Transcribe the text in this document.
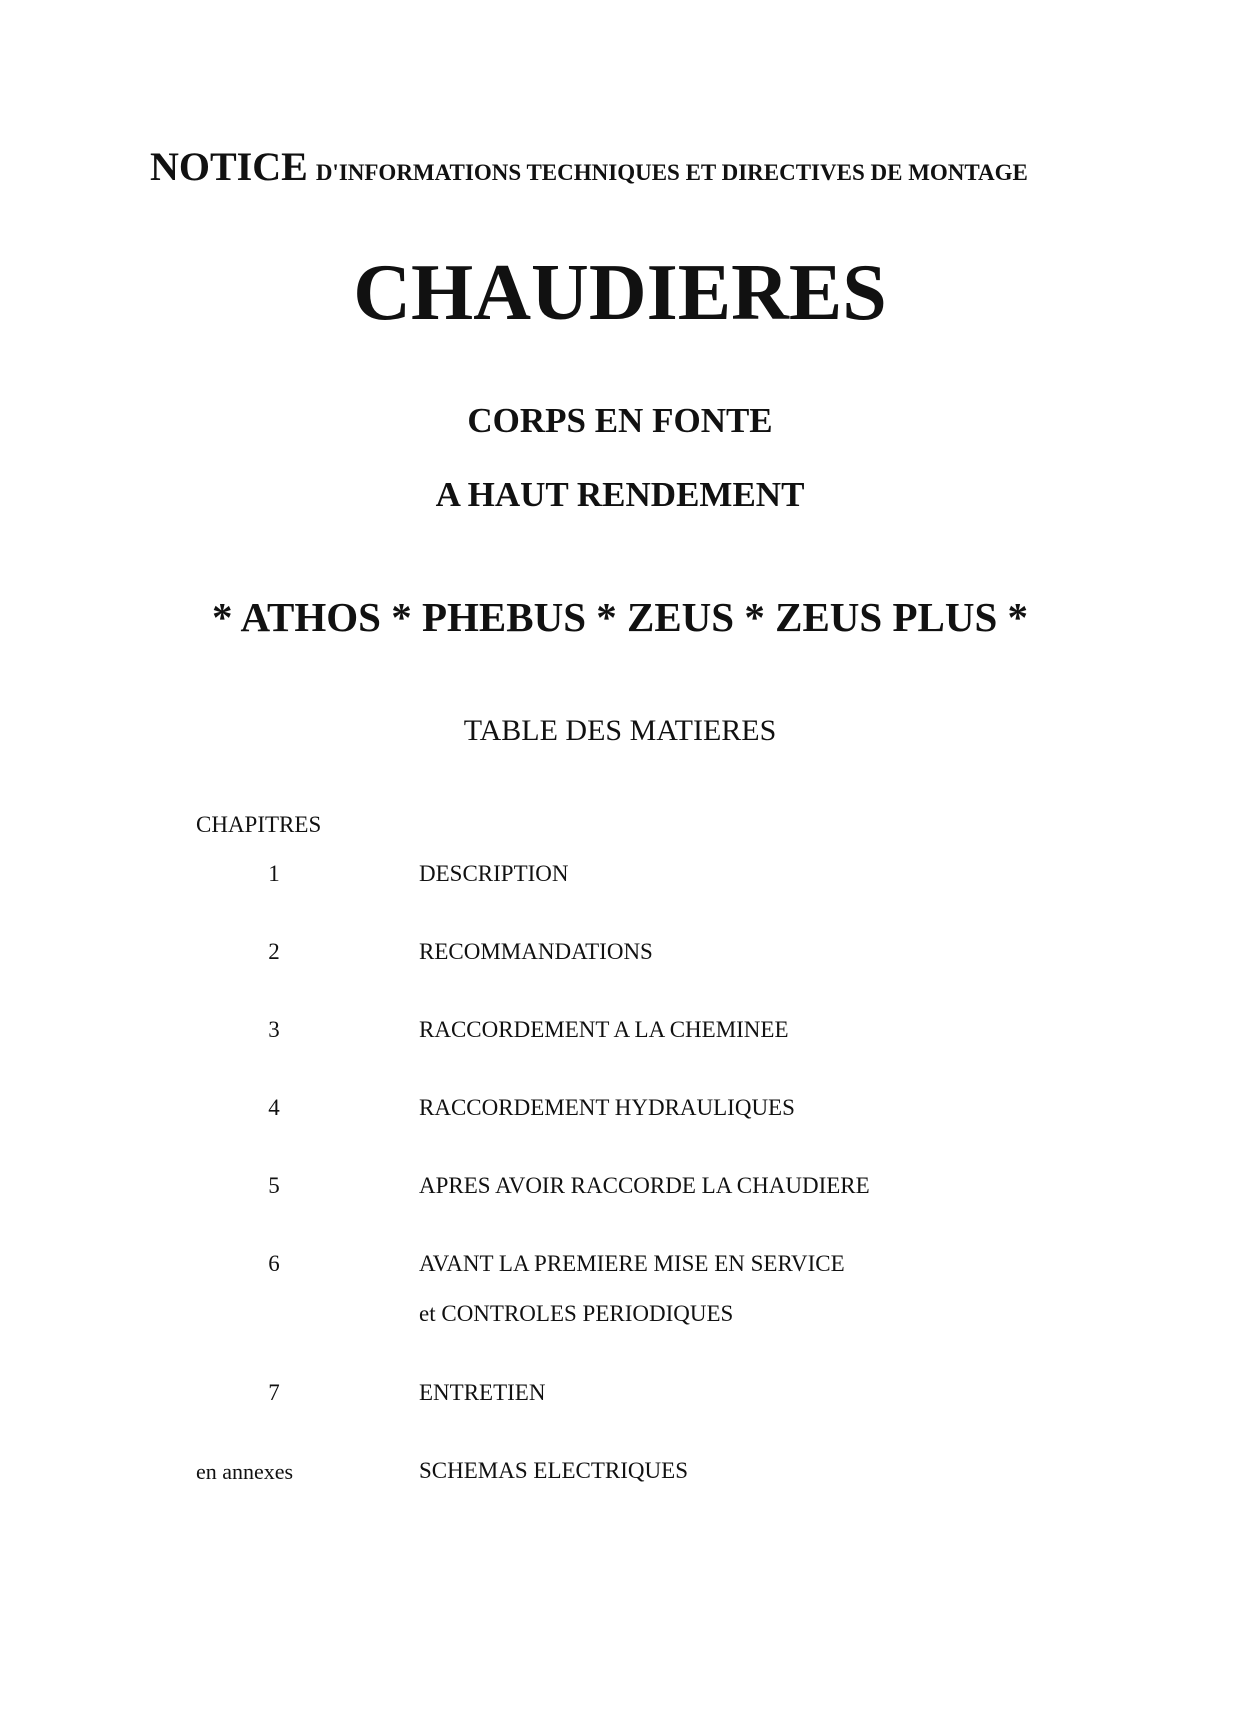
NOTICE D'INFORMATIONS TECHNIQUES ET DIRECTIVES DE MONTAGE
CHAUDIERES
CORPS EN FONTE
A HAUT RENDEMENT
* ATHOS * PHEBUS * ZEUS * ZEUS PLUS *
TABLE DES MATIERES
CHAPITRES
1	DESCRIPTION
2	RECOMMANDATIONS
3	RACCORDEMENT A LA CHEMINEE
4	RACCORDEMENT HYDRAULIQUES
5	APRES AVOIR RACCORDE LA CHAUDIERE
6	AVANT LA PREMIERE MISE EN SERVICE
et CONTROLES PERIODIQUES
7	ENTRETIEN
en annexes	SCHEMAS ELECTRIQUES
